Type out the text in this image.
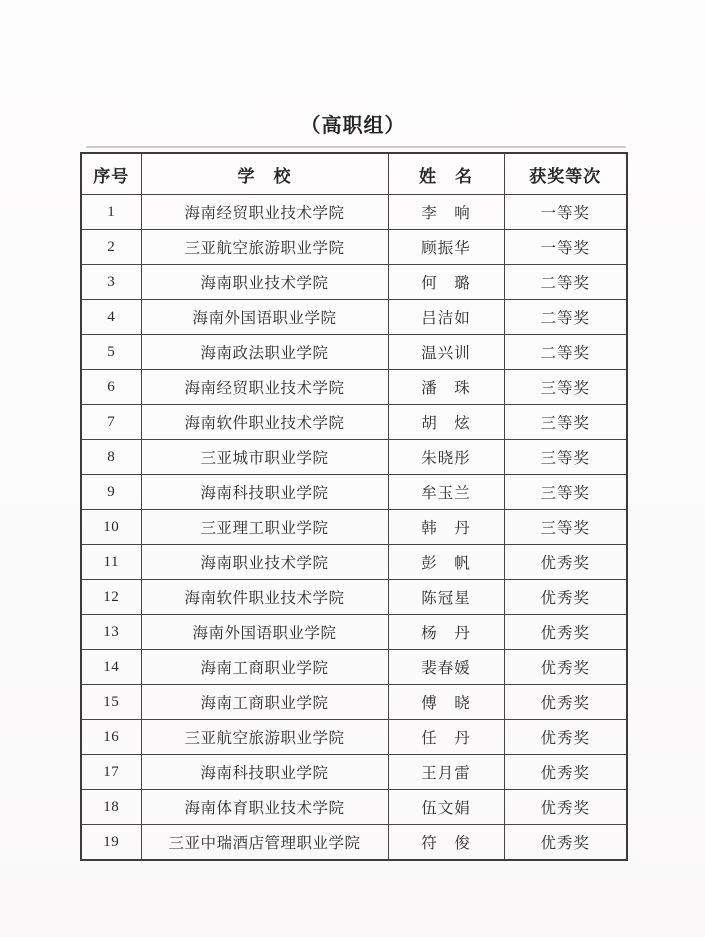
（高职组）
序号	学　校	姓　名	获奖等次
1	海南经贸职业技术学院	李　响	一等奖
2	三亚航空旅游职业学院	顾振华	一等奖
3	海南职业技术学院	何　璐	二等奖
4	海南外国语职业学院	吕洁如	二等奖
5	海南政法职业学院	温兴训	二等奖
6	海南经贸职业技术学院	潘　珠	三等奖
7	海南软件职业技术学院	胡　炫	三等奖
8	三亚城市职业学院	朱晓彤	三等奖
9	海南科技职业学院	牟玉兰	三等奖
10	三亚理工职业学院	韩　丹	三等奖
11	海南职业技术学院	彭　帆	优秀奖
12	海南软件职业技术学院	陈冠星	优秀奖
13	海南外国语职业学院	杨　丹	优秀奖
14	海南工商职业学院	裴春媛	优秀奖
15	海南工商职业学院	傅　晓	优秀奖
16	三亚航空旅游职业学院	任　丹	优秀奖
17	海南科技职业学院	王月雷	优秀奖
18	海南体育职业技术学院	伍文娟	优秀奖
19	三亚中瑞酒店管理职业学院	符　俊	优秀奖
